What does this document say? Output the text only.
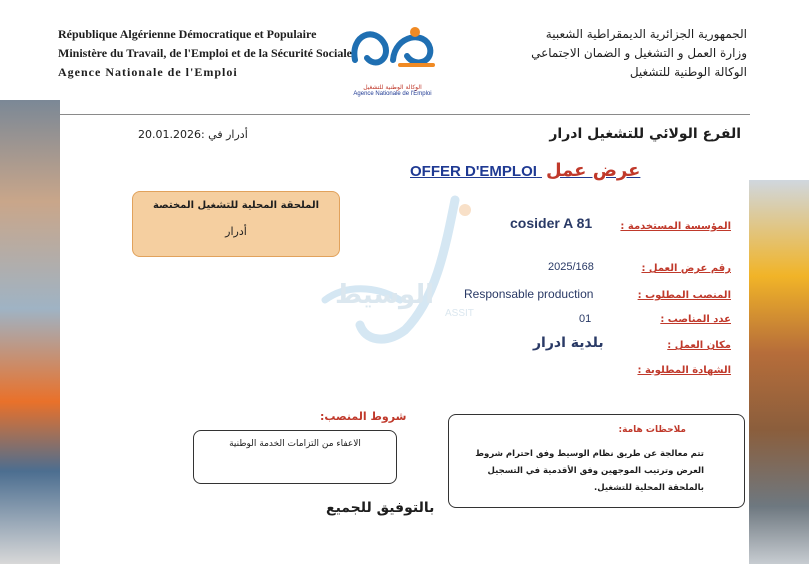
République Algérienne Démocratique et Populaire
Ministère du Travail, de l'Emploi et de la Sécurité Sociale
Agence Nationale de l'Emploi
الوكالة الوطنية للتشغيل
Agence Nationale de l'Emploi
الجمهورية الجزائرية الديمقراطية الشعبية
وزارة العمل و التشغيل و الضمان الاجتماعي
الوكالة الوطنية للتشغيل
الوسيط
ASSIT
الفرع الولائي للتشغيل ادرار
أدرار في :20.01.2026
OFFER D'EMPLOI عرض عمل
الملحقة المحلية للتشغيل المختصة
أدرار	المؤسسة المستخدمة :
رقم عرض العمل :
المنصب المطلوب :
عدد المناصب :
مكان العمل :
الشهادة المطلوبة :
cosider A 81
2025/168
Responsable production
01
بلدية ادرار
شروط المنصب:
الاعفاء من التزامات الخدمة الوطنية
ملاحظات هامة:
تتم معالجة عن طريق نظام الوسيط وفق احترام شروط
العرض وترتيب الموجهين وفق الأقدمية في التسجيل
بالملحقة المحلية للتشغيل.
بالتوفيق للجميع
